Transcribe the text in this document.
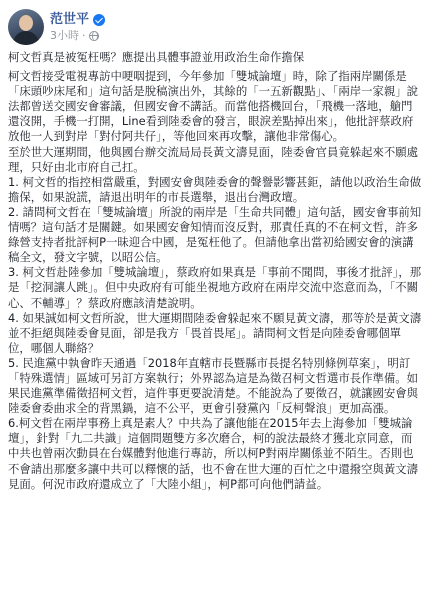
范世平
3小時 ·

柯文哲真是被冤枉嗎？應提出具體事證並用政治生命作擔保

柯文哲接受電視專訪中哽咽提到，今年參加「雙城論壇」時，除了指兩岸關係是「床頭吵床尾和」這句話是脫稿演出外，其餘的「一五新觀點」、「兩岸一家親」說法都曾送交國安會審議，但國安會不講話。而當他搭機回台，「飛機一落地，艙門還沒開，手機一打開，Line看到陸委會的發言，眼淚差點掉出來」，他批評蔡政府放他一人到對岸「對付阿共仔」，等他回來再攻擊，讓他非常傷心。

至於世大運期間，他與國台辦交流局局長黃文濤見面，陸委會官員竟躲起來不願處理，只好由北市府自己扛。

1. 柯文哲的指控相當嚴重，對國安會與陸委會的聲譽影響甚鉅，請他以政治生命做擔保，如果說謊，請退出明年的市長選舉，退出台灣政壇。

2. 請問柯文哲在「雙城論壇」所說的兩岸是「生命共同體」這句話，國安會事前知情嗎？這句話才是關鍵。如果國安會知情而沒反對，那責任真的不在柯文哲，許多綠營支持者批評柯P一昧迎合中國，是冤枉他了。但請他拿出當初給國安會的演講稿全文，發文字號，以昭公信。

3. 柯文哲赴陸參加「雙城論壇」，蔡政府如果真是「事前不聞問，事後才批評」，那是「挖洞讓人跳」。但中央政府有可能坐視地方政府在兩岸交流中恣意而為，「不關心、不輔導」？蔡政府應該清楚說明。

4. 如果誠如柯文哲所說，世大運期間陸委會躲起來不願見黃文濤，那等於是黃文濤並不拒絕與陸委會見面，卻是我方「畏首畏尾」。請問柯文哲是向陸委會哪個單位，哪個人聯絡？

5. 民進黨中執會昨天通過「2018年直轄市長暨縣市長提名特別條例草案」，明訂「特殊選情」區域可另訂方案執行；外界認為這是為徵召柯文哲選市長作準備。如果民進黨準備徵招柯文哲，這件事更要說清楚。不能說為了要徵召，就讓國安會與陸委會委曲求全的背黑鍋，這不公平，更會引發黨內「反柯聲浪」更加高漲。

6.柯文哲在兩岸事務上真是素人？中共為了讓他能在2015年去上海參加「雙城論壇」，針對「九二共識」這個問題雙方多次磨合，柯的說法最終才獲北京同意，而中共也曾兩次動員在台媒體對他進行專訪，所以柯P對兩岸關係並不陌生。否則也不會請出那麼多讓中共可以釋懷的話，也不會在世大運的百忙之中還撥空與黃文濤見面。何況市政府還成立了「大陸小組」，柯P都可向他們請益。
